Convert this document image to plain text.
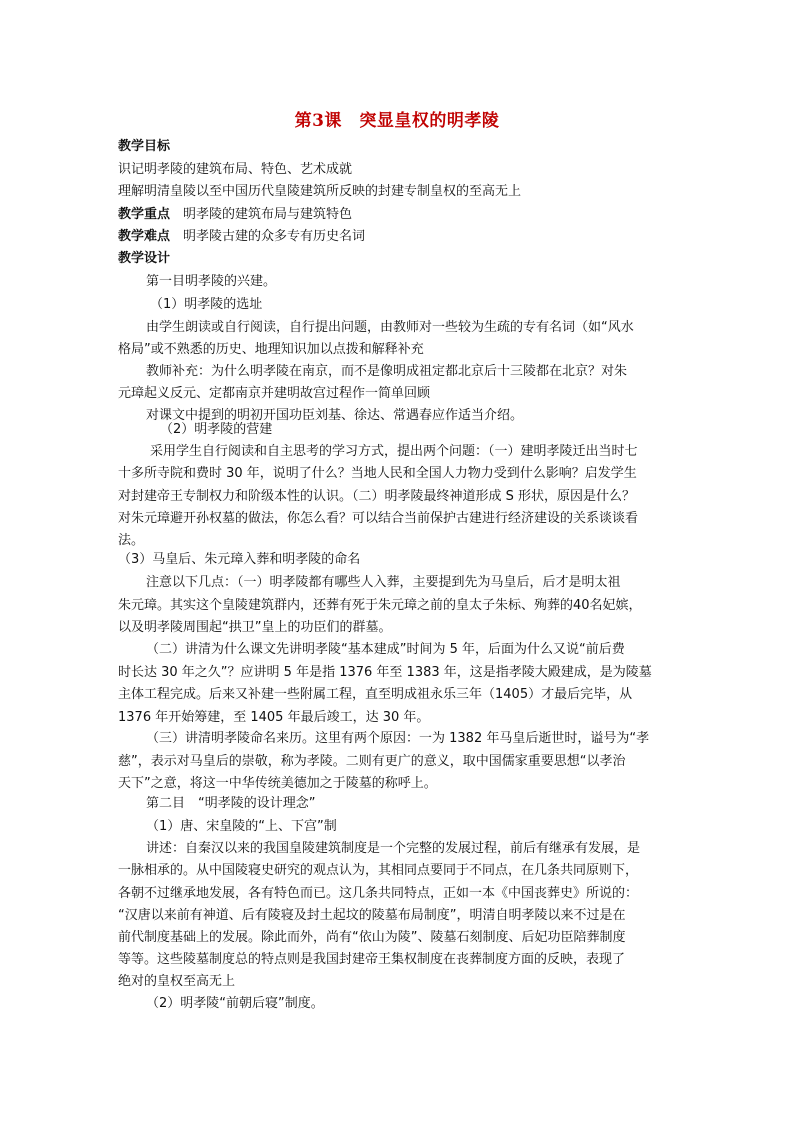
第3课　突显皇权的明孝陵
教学目标
识记明孝陵的建筑布局、特色、艺术成就
理解明清皇陵以至中国历代皇陵建筑所反映的封建专制皇权的至高无上
教学重点　 明孝陵的建筑布局与建筑特色
教学难点　 明孝陵古建的众多专有历史名词
教学设计
第一目明孝陵的兴建。
（1）明孝陵的选址
由学生朗读或自行阅读，自行提出问题，由教师对一些较为生疏的专有名词（如“风水
格局”或不熟悉的历史、地理知识加以点拨和解释补充
教师补充：为什么明孝陵在南京，而不是像明成祖定都北京后十三陵都在北京？对朱
元璋起义反元、定都南京并建明故宫过程作一简单回顾
对课文中提到的明初开国功臣刘基、徐达、常遇春应作适当介绍。
（2）明孝陵的营建
采用学生自行阅读和自主思考的学习方式，提出两个问题：（一）建明孝陵迁出当时七
十多所寺院和费时 30 年，说明了什么？当地人民和全国人力物力受到什么影响？启发学生
对封建帝王专制权力和阶级本性的认识。（二）明孝陵最终神道形成 S 形状，原因是什么？
对朱元璋避开孙权墓的做法，你怎么看？可以结合当前保护古建进行经济建设的关系谈谈看
法。
（3）马皇后、朱元璋入葬和明孝陵的命名
注意以下几点：（一）明孝陵都有哪些人入葬，主要提到先为马皇后，后才是明太祖
朱元璋。其实这个皇陵建筑群内，还葬有死于朱元璋之前的皇太子朱标、殉葬的40名妃嫔，
以及明孝陵周围起“拱卫”皇上的功臣们的群墓。
（二）讲清为什么课文先讲明孝陵“基本建成”时间为 5 年，后面为什么又说“前后费
时长达 30 年之久”？应讲明 5 年是指 1376 年至 1383 年，这是指孝陵大殿建成，是为陵墓
主体工程完成。后来又补建一些附属工程，直至明成祖永乐三年（1405）才最后完毕，从
1376 年开始筹建，至 1405 年最后竣工，达 30 年。
（三）讲清明孝陵命名来历。这里有两个原因：一为 1382 年马皇后逝世时，谥号为“孝
慈”，表示对马皇后的崇敬，称为孝陵。二则有更广的意义，取中国儒家重要思想“以孝治
天下”之意，将这一中华传统美德加之于陵墓的称呼上。
第二目　“明孝陵的设计理念”
（1）唐、宋皇陵的“上、下宫”制
讲述：自秦汉以来的我国皇陵建筑制度是一个完整的发展过程，前后有继承有发展，是
一脉相承的。从中国陵寝史研究的观点认为，其相同点要同于不同点，在几条共同原则下，
各朝不过继承地发展，各有特色而已。这几条共同特点，正如一本《中国丧葬史》所说的：
“汉唐以来前有神道、后有陵寝及封土起坟的陵墓布局制度”，明清自明孝陵以来不过是在
前代制度基础上的发展。除此而外，尚有“依山为陵”、陵墓石刻制度、后妃功臣陪葬制度
等等。这些陵墓制度总的特点则是我国封建帝王集权制度在丧葬制度方面的反映，表现了
绝对的皇权至高无上
（2）明孝陵“前朝后寝”制度。
